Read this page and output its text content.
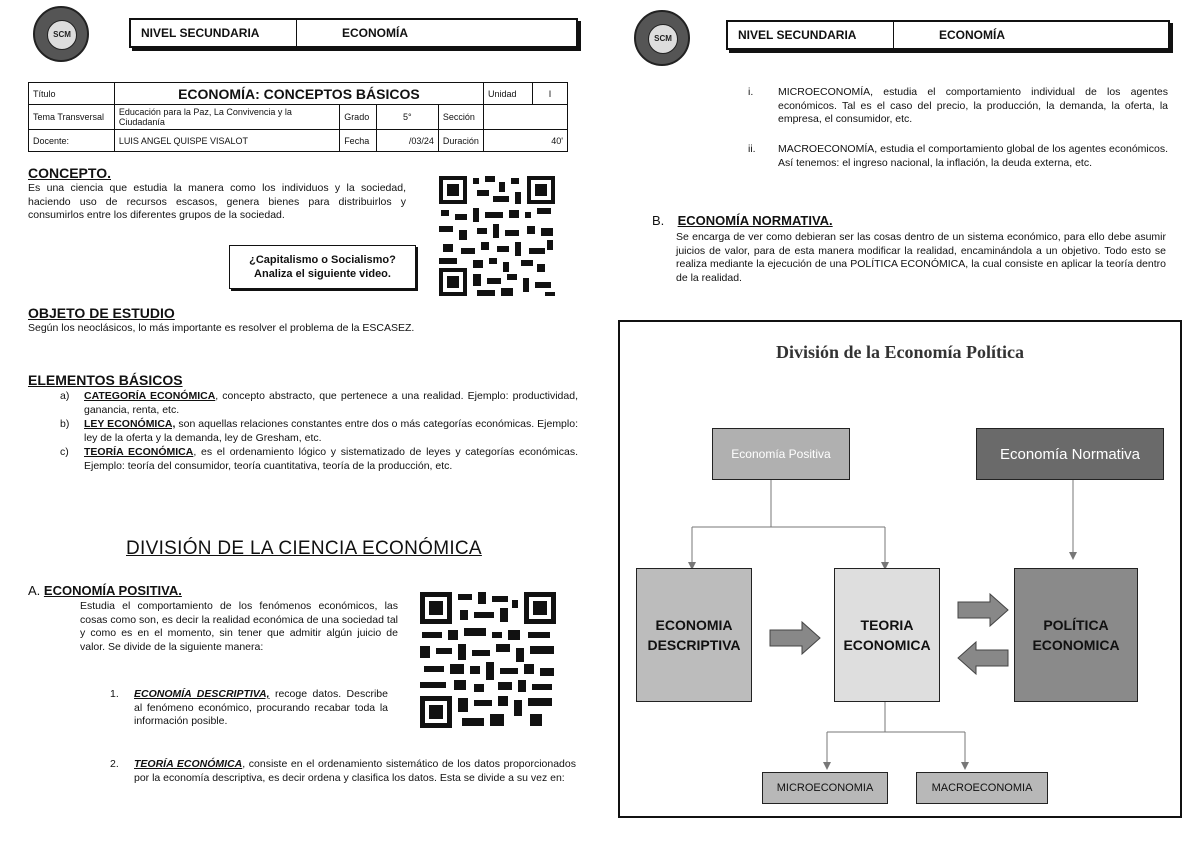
SCM	NIVEL SECUNDARIA	ECONOMÍA
Título	ECONOMÍA: CONCEPTOS BÁSICOS				Unidad	I
Tema Transversal	Educación para la Paz, La Convivencia y la Ciudadanía	Grado	5°	Sección		
Docente:	LUIS ANGEL QUISPE VISALOT	Fecha	/03/24	Duración	40'	
CONCEPTO.
Es una ciencia que estudia la manera como los individuos y la sociedad, haciendo uso de recursos escasos, genera bienes para distribuirlos y consumirlos entre los diferentes grupos de la sociedad.
¿Capitalismo o Socialismo? Analiza el siguiente video.
OBJETO DE ESTUDIO
Según los neoclásicos, lo más importante es resolver el problema de la ESCASEZ.
ELEMENTOS BÁSICOS
a)	CATEGORÍA ECONÓMICA, concepto abstracto, que pertenece a una realidad. Ejemplo: productividad, ganancia, renta, etc.
b)	LEY ECONÓMICA, son aquellas relaciones constantes entre dos o más categorías económicas. Ejemplo: ley de la oferta y la demanda, ley de Gresham, etc.
c)	TEORÍA ECONÓMICA, es el ordenamiento lógico y sistematizado de leyes y categorías económicas. Ejemplo: teoría del consumidor, teoría cuantitativa, teoría de la producción, etc.
DIVISIÓN DE LA CIENCIA ECONÓMICA
A. ECONOMÍA POSITIVA.
Estudia el comportamiento de los fenómenos económicos, las cosas como son, es decir la realidad económica de una sociedad tal y como es en el momento, sin tener que admitir algún juicio de valor. Se divide de la siguiente manera:
1.	ECONOMÍA DESCRIPTIVA, recoge datos. Describe al fenómeno económico, procurando recabar toda la información posible.
2.	TEORÍA ECONÓMICA, consiste en el ordenamiento sistemático de los datos proporcionados por la economía descriptiva, es decir ordena y clasifica los datos. Esta se divide a su vez en:
SCM	NIVEL SECUNDARIA	ECONOMÍA
i.	MICROECONOMÍA, estudia el comportamiento individual de los agentes económicos. Tal es el caso del precio, la producción, la demanda, la oferta, la empresa, el consumidor, etc.
ii.	MACROECONOMÍA, estudia el comportamiento global de los agentes económicos. Así tenemos: el ingreso nacional, la inflación, la deuda externa, etc.
B. ECONOMÍA NORMATIVA.
Se encarga de ver como debieran ser las cosas dentro de un sistema económico, para ello debe asumir juicios de valor, para de esta manera modificar la realidad, encaminándola a un objetivo. Todo esto se realiza mediante la ejecución de una POLÍTICA ECONÓMICA, la cual consiste en aplicar la teoría dentro de la realidad.
División de la Economía Política
Economía Positiva	Economía Normativa
ECONOMIA DESCRIPTIVA
TEORIA ECONOMICA
POLÍTICA ECONOMICA
MICROECONOMIA	MACROECONOMIA
